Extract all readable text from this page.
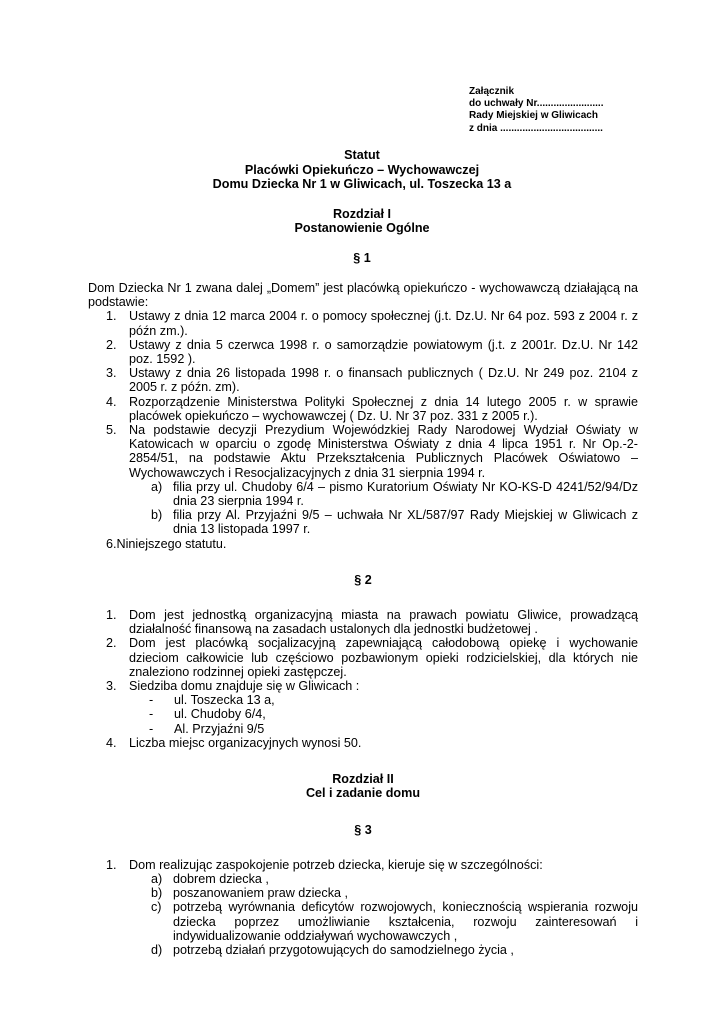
Załącznik
do uchwały Nr........................
Rady Miejskiej w Gliwicach
z dnia .....................................
Statut
Placówki Opiekuńczo – Wychowawczej
Domu Dziecka Nr 1 w Gliwicach, ul. Toszecka 13 a
Rozdział I
Postanowienie Ogólne
§ 1
Dom Dziecka Nr 1 zwana dalej „Domem” jest placówką opiekuńczo - wychowawczą działającą na podstawie:
1. Ustawy z dnia 12 marca 2004 r. o pomocy społecznej (j.t. Dz.U. Nr 64 poz. 593 z 2004 r. z późn zm.).
2. Ustawy z dnia 5 czerwca 1998 r. o samorządzie powiatowym (j.t. z 2001r. Dz.U. Nr 142 poz. 1592 ).
3. Ustawy z dnia 26 listopada 1998 r. o finansach publicznych ( Dz.U. Nr 249 poz. 2104 z 2005 r. z późn. zm).
4. Rozporządzenie Ministerstwa Polityki Społecznej z dnia 14 lutego 2005 r. w sprawie placówek opiekuńczo – wychowawczej ( Dz. U. Nr 37 poz. 331 z 2005 r.).
5. Na podstawie decyzji Prezydium Wojewódzkiej Rady Narodowej Wydział Oświaty w Katowicach w oparciu o zgodę Ministerstwa Oświaty z dnia 4 lipca 1951 r. Nr Op.-2-2854/51, na podstawie Aktu Przekształcenia Publicznych Placówek Oświatowo – Wychowawczych i Resocjalizacyjnych z dnia 31 sierpnia 1994 r.
a) filia przy ul. Chudoby 6/4 – pismo Kuratorium Oświaty Nr KO-KS-D 4241/52/94/Dz dnia 23 sierpnia 1994 r.
b) filia przy Al. Przyjaźni 9/5 – uchwała Nr XL/587/97 Rady Miejskiej w Gliwicach z dnia 13 listopada 1997 r.
6.Niniejszego statutu.
§ 2
1. Dom jest jednostką organizacyjną miasta na prawach powiatu Gliwice, prowadzącą działalność finansową na zasadach ustalonych dla jednostki budżetowej .
2. Dom jest placówką socjalizacyjną zapewniającą całodobową opiekę i wychowanie dzieciom całkowicie lub częściowo pozbawionym opieki rodzicielskiej, dla których nie znaleziono rodzinnej opieki zastępczej.
3. Siedziba domu znajduje się w Gliwicach :
- ul. Toszecka 13 a,
- ul. Chudoby 6/4,
- Al. Przyjaźni 9/5
4. Liczba miejsc organizacyjnych wynosi 50.
Rozdział II
Cel i zadanie domu
§ 3
1. Dom realizując zaspokojenie potrzeb dziecka, kieruje się w szczególności:
a) dobrem dziecka ,
b) poszanowaniem praw dziecka ,
c) potrzebą wyrównania deficytów rozwojowych, koniecznością wspierania rozwoju dziecka poprzez umożliwianie kształcenia, rozwoju zainteresowań i indywidualizowanie oddziaływań wychowawczych ,
d) potrzebą działań przygotowujących do samodzielnego życia ,
